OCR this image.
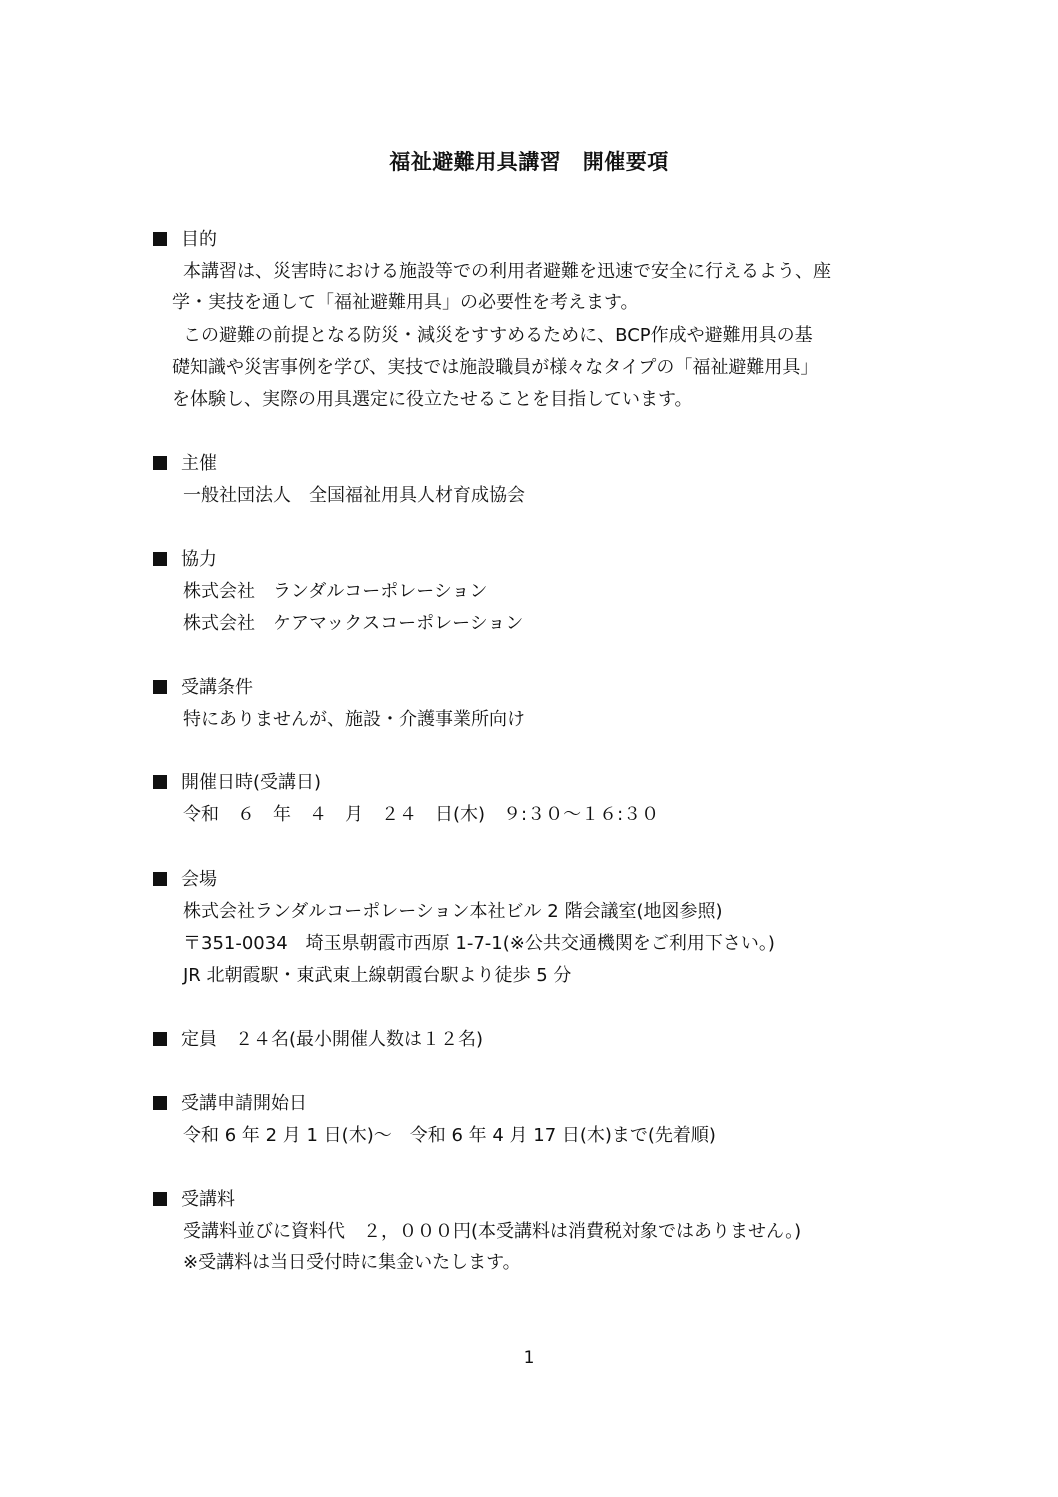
福祉避難用具講習　開催要項
目的
本講習は、災害時における施設等での利用者避難を迅速で安全に行えるよう、座
学・実技を通して「福祉避難用具」の必要性を考えます。
この避難の前提となる防災・減災をすすめるために、BCP作成や避難用具の基
礎知識や災害事例を学び、実技では施設職員が様々なタイプの「福祉避難用具」
を体験し、実際の用具選定に役立たせることを目指しています。
主催
一般社団法人　全国福祉用具人材育成協会
協力
株式会社　ランダルコーポレーション
株式会社　ケアマックスコーポレーション
受講条件
特にありませんが、施設・介護事業所向け
開催日時(受講日)
令和　６　年　４　月　２４　日(木)　９:３０～１６:３０
会場
株式会社ランダルコーポレーション本社ビル 2 階会議室(地図参照)
〒351-0034　埼玉県朝霞市西原 1-7-1(※公共交通機関をご利用下さい。)
JR 北朝霞駅・東武東上線朝霞台駅より徒歩 5 分
定員　２４名(最小開催人数は１２名)
受講申請開始日
令和 6 年 2 月 1 日(木)～　令和 6 年 4 月 17 日(木)まで(先着順)
受講料
受講料並びに資料代　２，０００円(本受講料は消費税対象ではありません。)
※受講料は当日受付時に集金いたします。
1
